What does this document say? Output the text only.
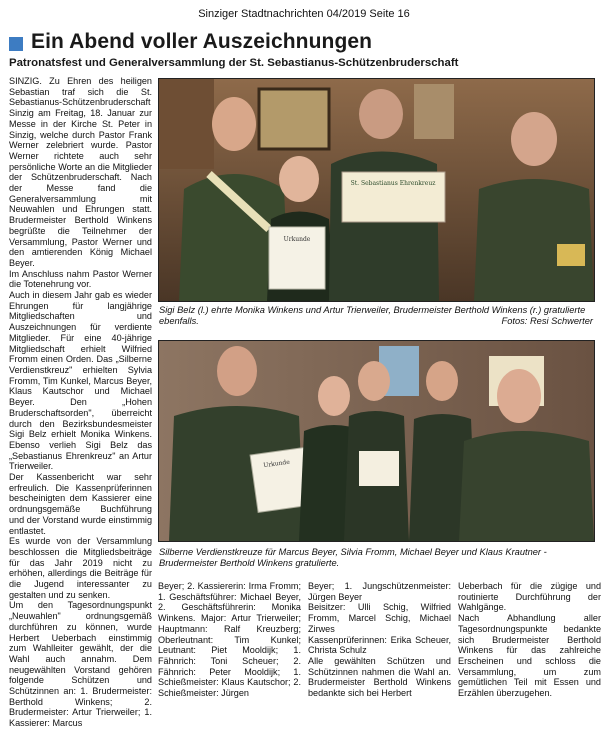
Sinziger Stadtnachrichten 04/2019 Seite 16
Ein Abend voller Auszeichnungen
Patronatsfest und Generalversammlung der St. Sebastianus-Schützenbruderschaft

SINZIG. Zu Ehren des heiligen Sebastian traf sich die St. Sebastianus-Schützenbruderschaft Sinzig am Freitag, 18. Januar zur Messe in der Kirche St. Peter in Sinzig, welche durch Pastor Frank Werner zelebriert wurde. Pastor Werner richtete auch sehr persönliche Worte an die Mitglieder der Schützenbruderschaft. Nach der Messe fand die Generalversammlung mit Neuwahlen und Ehrungen statt. Brudermeister Berthold Winkens begrüßte die Teilnehmer der Versammlung, Pastor Werner und den amtierenden König Michael Beyer.

Im Anschluss nahm Pastor Werner die Totenehrung vor.

Auch in diesem Jahr gab es wieder Ehrungen für langjährige Mitgliedschaften und Auszeichnungen für verdiente Mitglieder. Für eine 40-jährige Mitgliedschaft erhielt Wilfried Fromm einen Orden. Das „Silberne Verdienstkreuz" erhielten Sylvia Fromm, Tim Kunkel, Marcus Beyer, Klaus Kautschor und Michael Beyer. Den „Hohen Bruderschaftsorden", überreicht durch den Bezirksbundesmeister Sigi Belz erhielt Monika Winkens. Ebenso verlieh Sigi Belz das „Sebastianus Ehrenkreuz" an Artur Trierweiler.

Der Kassenbericht war sehr erfreulich. Die Kassenprüferinnen bescheinigten dem Kassierer eine ordnungsgemäße Buchführung und der Vorstand wurde einstimmig entlastet.

Es wurde von der Versammlung beschlossen die Mitgliedsbeiträge für das Jahr 2019 nicht zu erhöhen, allerdings die Beiträge für die Jugend interessanter zu gestalten und zu senken.

Um den Tagesordnungspunkt „Neuwahlen" ordnungsgemäß durchführen zu können, wurde Herbert Ueberbach einstimmig zum Wahlleiter gewählt, der die Wahl auch annahm. Dem neugewählten Vorstand gehören folgende Schützen und Schützinnen an: 1. Brudermeister: Berthold Winkens; 2. Brudermeister: Artur Trierweiler; 1. Kassierer: Marcus

Urkunde
St. Sebastianus Ehrenkreuz
Sigi Belz (l.) ehrte Monika Winkens und Artur Trierweiler, Brudermeister Berthold Winkens (r.) gratulierte ebenfalls.	Fotos: Resi Schwerter
Urkunde
Silberne Verdienstkreuze für Marcus Beyer, Silvia Fromm, Michael Beyer und Klaus Krautner - Brudermeister Berthold Winkens gratulierte.

Beyer; 2. Kassiererin: Irma Fromm; 1. Geschäftsführer: Michael Beyer, 2. Geschäftsführerin: Monika Winkens. Major: Artur Trierweiler; Hauptmann: Ralf Kreuzberg; Oberleutnant: Tim Kunkel; Leutnant: Piet Mooldijk; 1. Fähnrich: Toni Scheuer; 2. Fähnrich: Peter Mooldijk; 1. Schießmeister: Klaus Kautschor; 2. Schießmeister: Jürgen

Beyer; 1. Jungschützenmeister: Jürgen Beyer

Beisitzer: Ulli Schig, Wilfried Fromm, Marcel Schig, Michael Zirwes

Kassenprüferinnen: Erika Scheuer, Christa Schulz

Alle gewählten Schützen und Schützinnen nahmen die Wahl an. Brudermeister Berthold Winkens bedankte sich bei Herbert

Ueberbach für die zügige und routinierte Durchführung der Wahlgänge.

Nach Abhandlung aller Tagesordnungspunkte bedankte sich Brudermeister Berthold Winkens für das zahlreiche Erscheinen und schloss die Versammlung, um zum gemütlichen Teil mit Essen und Erzählen überzugehen.
